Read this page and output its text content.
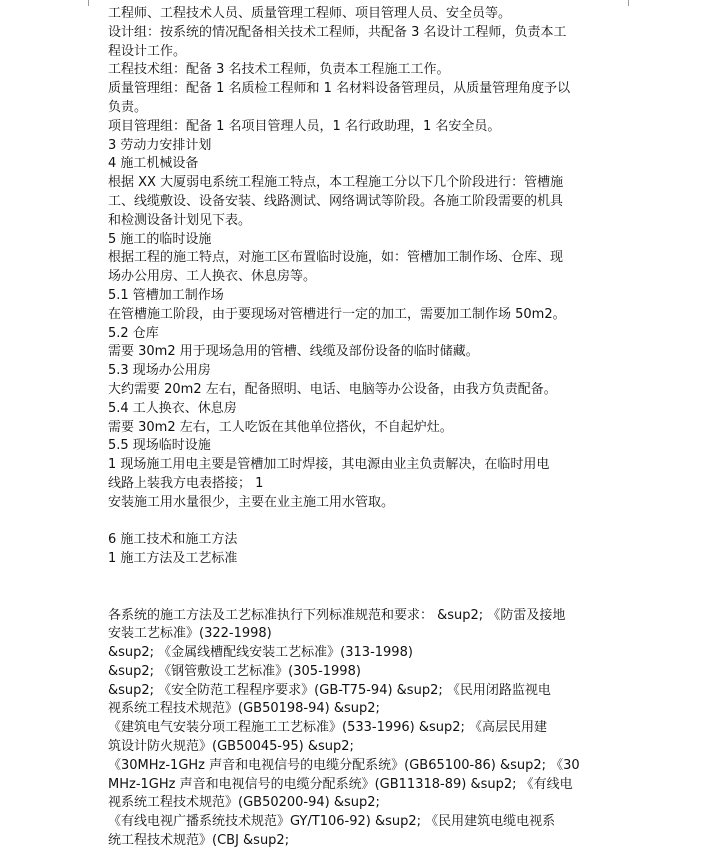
工程师、工程技术人员、质量管理工程师、项目管理人员、安全员等。
设计组：按系统的情况配备相关技术工程师，共配备 3 名设计工程师，负责本工
程设计工作。
工程技术组：配备 3 名技术工程师，负责本工程施工工作。
质量管理组：配备 1 名质检工程师和 1 名材料设备管理员，从质量管理角度予以
负责。
项目管理组：配备 1 名项目管理人员，1 名行政助理，1 名安全员。
3 劳动力安排计划
4 施工机械设备
根据 XX 大厦弱电系统工程施工特点，本工程施工分以下几个阶段进行：管槽施
工、线缆敷设、设备安装、线路测试、网络调试等阶段。各施工阶段需要的机具
和检测设备计划见下表。
5 施工的临时设施
根据工程的施工特点，对施工区布置临时设施，如：管槽加工制作场、仓库、现
场办公用房、工人换衣、休息房等。
5.1 管槽加工制作场
在管槽施工阶段，由于要现场对管槽进行一定的加工，需要加工制作场 50m2。
5.2 仓库
需要 30m2 用于现场急用的管槽、线缆及部份设备的临时储藏。
5.3 现场办公用房
大约需要 20m2 左右，配备照明、电话、电脑等办公设备，由我方负责配备。
5.4 工人换衣、休息房
需要 30m2 左右，工人吃饭在其他单位搭伙，不自起炉灶。
5.5 现场临时设施
1 现场施工用电主要是管槽加工时焊接，其电源由业主负责解决，在临时用电
线路上装我方电表搭接； 1
安装施工用水量很少，主要在业主施工用水管取。
6 施工技术和施工方法
1 施工方法及工艺标准
各系统的施工方法及工艺标准执行下列标准规范和要求： &sup2; 《防雷及接地
安装工艺标准》(322-1998)
&sup2; 《金属线槽配线安装工艺标准》(313-1998)
&sup2; 《钢管敷设工艺标准》(305-1998)
&sup2; 《安全防范工程程序要求》(GB-T75-94) &sup2; 《民用闭路监视电
视系统工程技术规范》(GB50198-94) &sup2;
《建筑电气安装分项工程施工工艺标准》(533-1996) &sup2; 《高层民用建
筑设计防火规范》(GB50045-95) &sup2;
《30MHz-1GHz 声音和电视信号的电缆分配系统》(GB65100-86) &sup2; 《30
MHz-1GHz 声音和电视信号的电缆分配系统》(GB11318-89) &sup2; 《有线电
视系统工程技术规范》(GB50200-94) &sup2;
《有线电视广播系统技术规范》GY/T106-92) &sup2; 《民用建筑电缆电视系
统工程技术规范》(CBJ &sup2;
